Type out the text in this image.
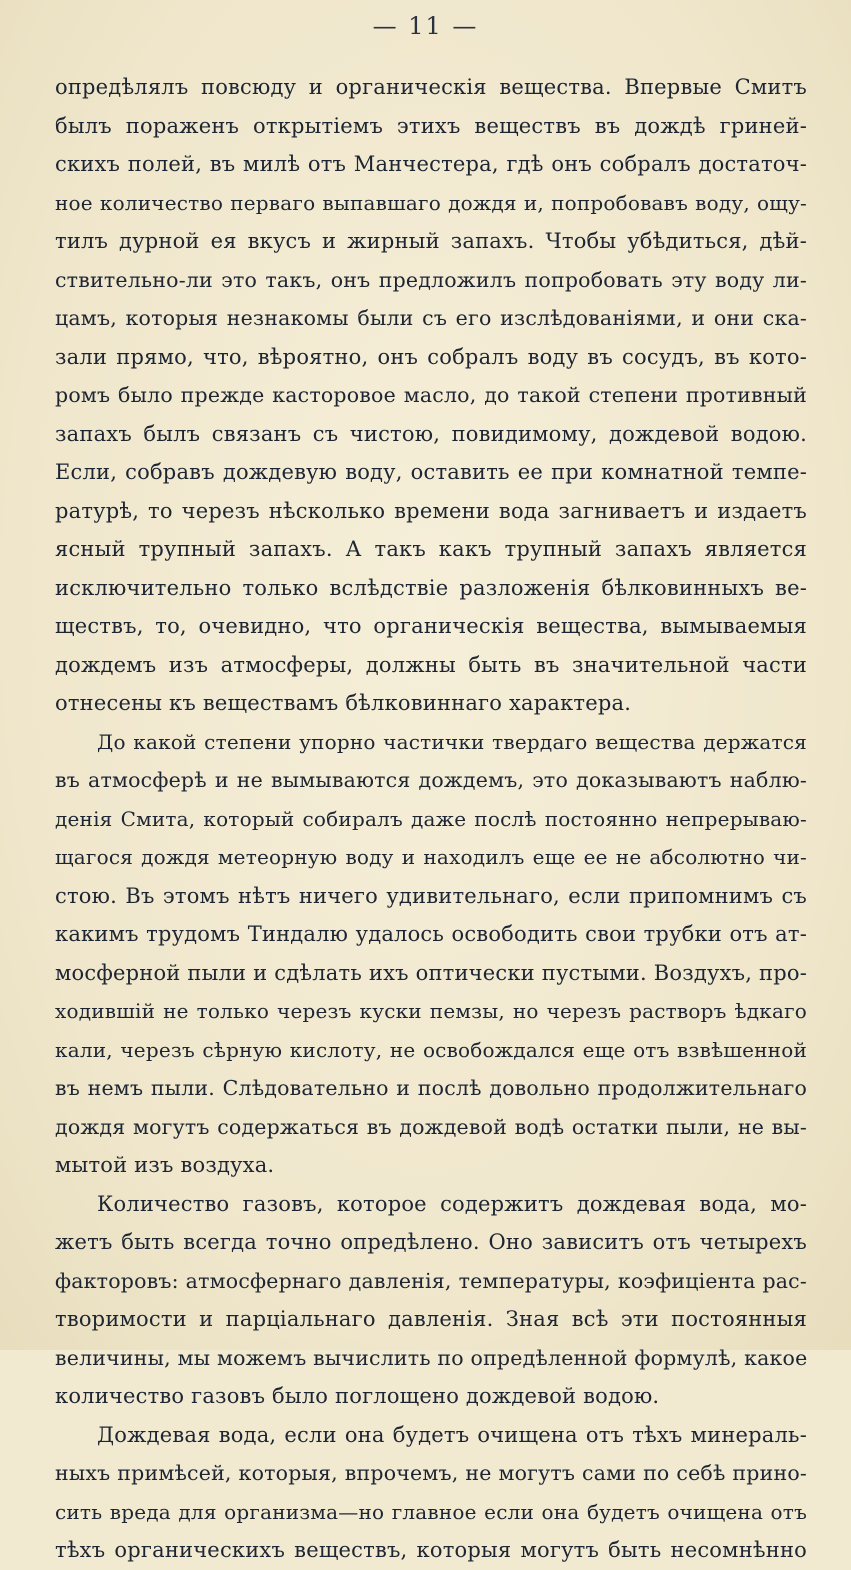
— 11 —
опредѣлялъ повсюду и органическія вещества. Впервые Смитъ
былъ пораженъ открытіемъ этихъ веществъ въ дождѣ гриней-
скихъ полей, въ милѣ отъ Манчестера, гдѣ онъ собралъ достаточ-
ное количество перваго выпавшаго дождя и, попробовавъ воду, ощу-
тилъ дурной ея вкусъ и жирный запахъ. Чтобы убѣдиться, дѣй-
ствительно-ли это такъ, онъ предложилъ попробовать эту воду ли-
цамъ, которыя незнакомы были съ его изслѣдованіями, и они ска-
зали прямо, что, вѣроятно, онъ собралъ воду въ сосудъ, въ кото-
ромъ было прежде касторовое масло, до такой степени противный
запахъ былъ связанъ съ чистою, повидимому, дождевой водою.
Если, собравъ дождевую воду, оставить ее при комнатной темпе-
ратурѣ, то черезъ нѣсколько времени вода загниваетъ и издаетъ
ясный трупный запахъ. А такъ какъ трупный запахъ является
исключительно только вслѣдствіе разложенія бѣлковинныхъ ве-
ществъ, то, очевидно, что органическія вещества, вымываемыя
дождемъ изъ атмосферы, должны быть въ значительной части
отнесены къ веществамъ бѣлковиннаго характера.
До какой степени упорно частички твердаго вещества держатся
въ атмосферѣ и не вымываются дождемъ, это доказываютъ наблю-
денія Смита, который собиралъ даже послѣ постоянно непрерываю-
щагося дождя метеорную воду и находилъ еще ее не абсолютно чи-
стою. Въ этомъ нѣтъ ничего удивительнаго, если припомнимъ съ
какимъ трудомъ Тиндалю удалось освободить свои трубки отъ ат-
мосферной пыли и сдѣлать ихъ оптически пустыми. Воздухъ, про-
ходившій не только черезъ куски пемзы, но черезъ растворъ ѣдкаго
кали, черезъ сѣрную кислоту, не освобождался еще отъ взвѣшенной
въ немъ пыли. Слѣдовательно и послѣ довольно продолжительнаго
дождя могутъ содержаться въ дождевой водѣ остатки пыли, не вы-
мытой изъ воздуха.
Количество газовъ, которое содержитъ дождевая вода, мо-
жетъ быть всегда точно опредѣлено. Оно зависитъ отъ четырехъ
факторовъ: атмосфернаго давленія, температуры, коэфиціента рас-
творимости и парціальнаго давленія. Зная всѣ эти постоянныя
величины, мы можемъ вычислить по опредѣленной формулѣ, какое
количество газовъ было поглощено дождевой водою.
Дождевая вода, если она будетъ очищена отъ тѣхъ минераль-
ныхъ примѣсей, которыя, впрочемъ, не могутъ сами по себѣ прино-
сить вреда для организма—но главное если она будетъ очищена отъ
тѣхъ органическихъ веществъ, которыя могутъ быть несомнѣнно
